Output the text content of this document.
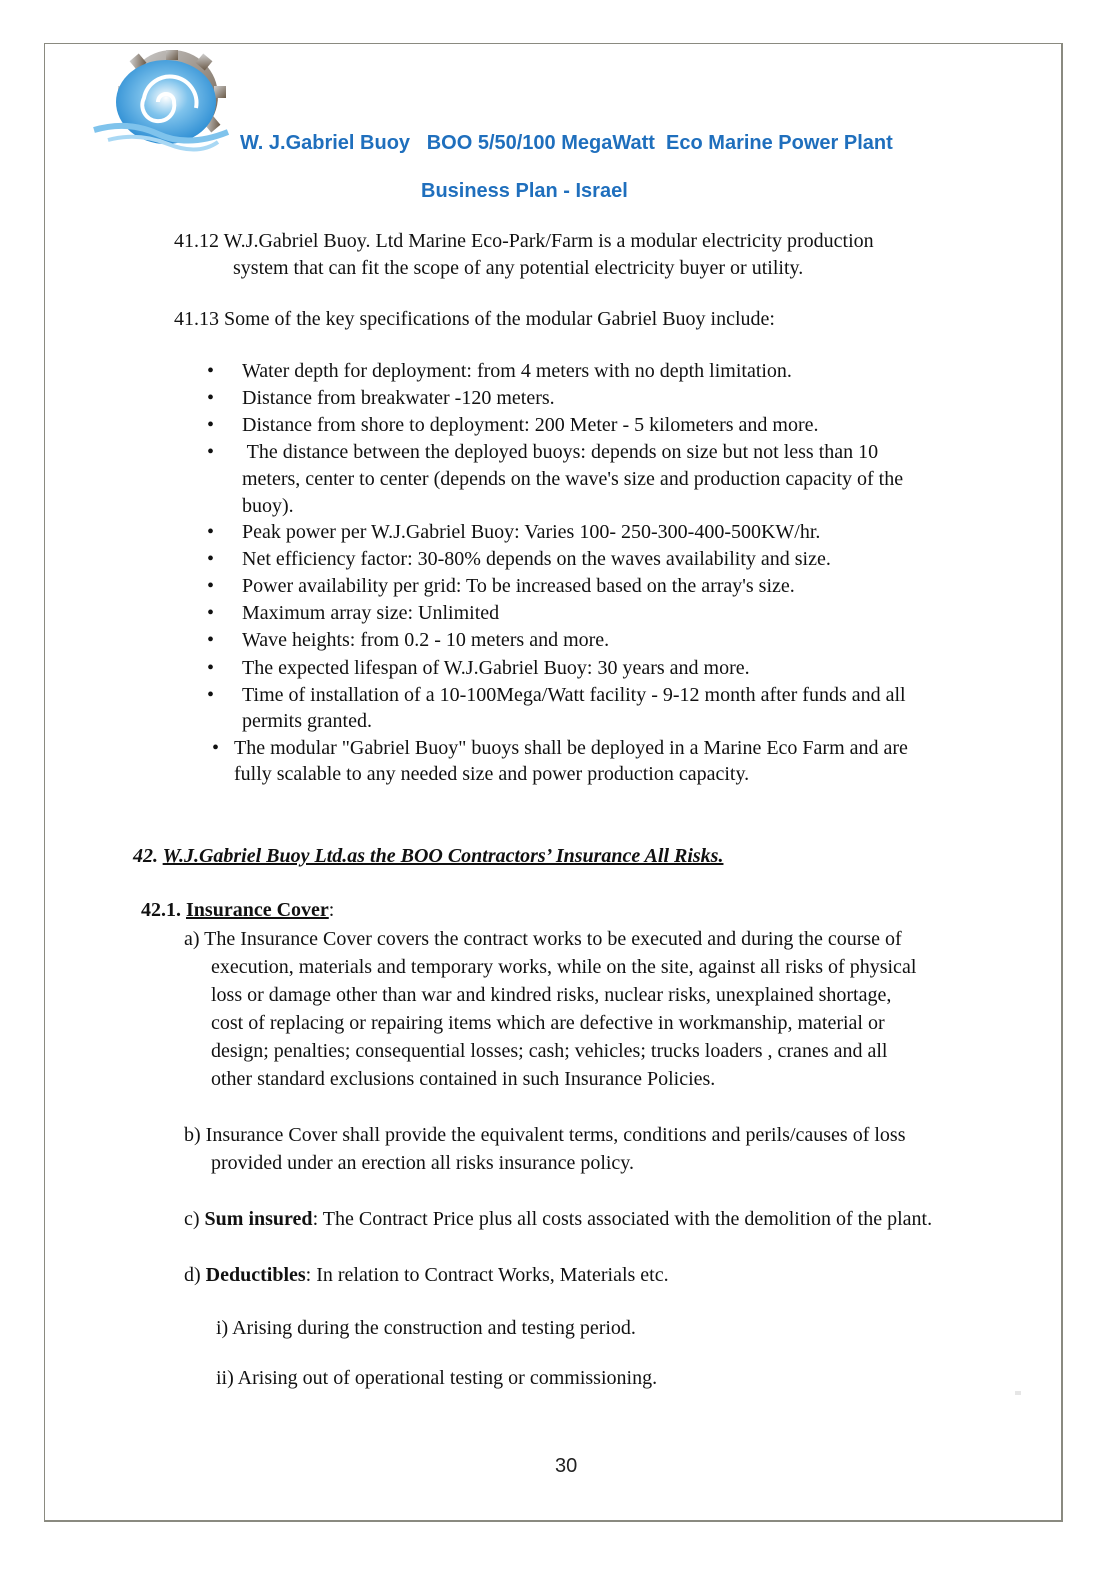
W. J.Gabriel Buoy   BOO 5/50/100 MegaWatt  Eco Marine Power Plant
Business Plan - Israel
41.12 W.J.Gabriel Buoy. Ltd Marine Eco-Park/Farm is a modular electricity production
system that can fit the scope of any potential electricity buyer or utility.
41.13 Some of the key specifications of the modular Gabriel Buoy include:
• Water depth for deployment: from 4 meters with no depth limitation.
• Distance from breakwater -120 meters.
• Distance from shore to deployment: 200 Meter - 5 kilometers and more.
• The distance between the deployed buoys: depends on size but not less than 10
meters, center to center (depends on the wave's size and production capacity of the
buoy).
• Peak power per W.J.Gabriel Buoy: Varies 100- 250-300-400-500KW/hr.
• Net efficiency factor: 30-80% depends on the waves availability and size.
• Power availability per grid: To be increased based on the array's size.
• Maximum array size: Unlimited
• Wave heights: from 0.2 - 10 meters and more.
• The expected lifespan of W.J.Gabriel Buoy: 30 years and more.
• Time of installation of a 10-100Mega/Watt facility - 9-12 month after funds and all
permits granted.
• The modular "Gabriel Buoy" buoys shall be deployed in a Marine Eco Farm and are
fully scalable to any needed size and power production capacity.
42. W.J.Gabriel Buoy Ltd.as the BOO Contractors’ Insurance All Risks.
42.1. Insurance Cover:
a) The Insurance Cover covers the contract works to be executed and during the course of
execution, materials and temporary works, while on the site, against all risks of physical
loss or damage other than war and kindred risks, nuclear risks, unexplained shortage,
cost of replacing or repairing items which are defective in workmanship, material or
design; penalties; consequential losses; cash; vehicles; trucks loaders , cranes and all
other standard exclusions contained in such Insurance Policies.
b) Insurance Cover shall provide the equivalent terms, conditions and perils/causes of loss
provided under an erection all risks insurance policy.
c) Sum insured: The Contract Price plus all costs associated with the demolition of the plant.
d) Deductibles: In relation to Contract Works, Materials etc.
i) Arising during the construction and testing period.
ii) Arising out of operational testing or commissioning.
30
